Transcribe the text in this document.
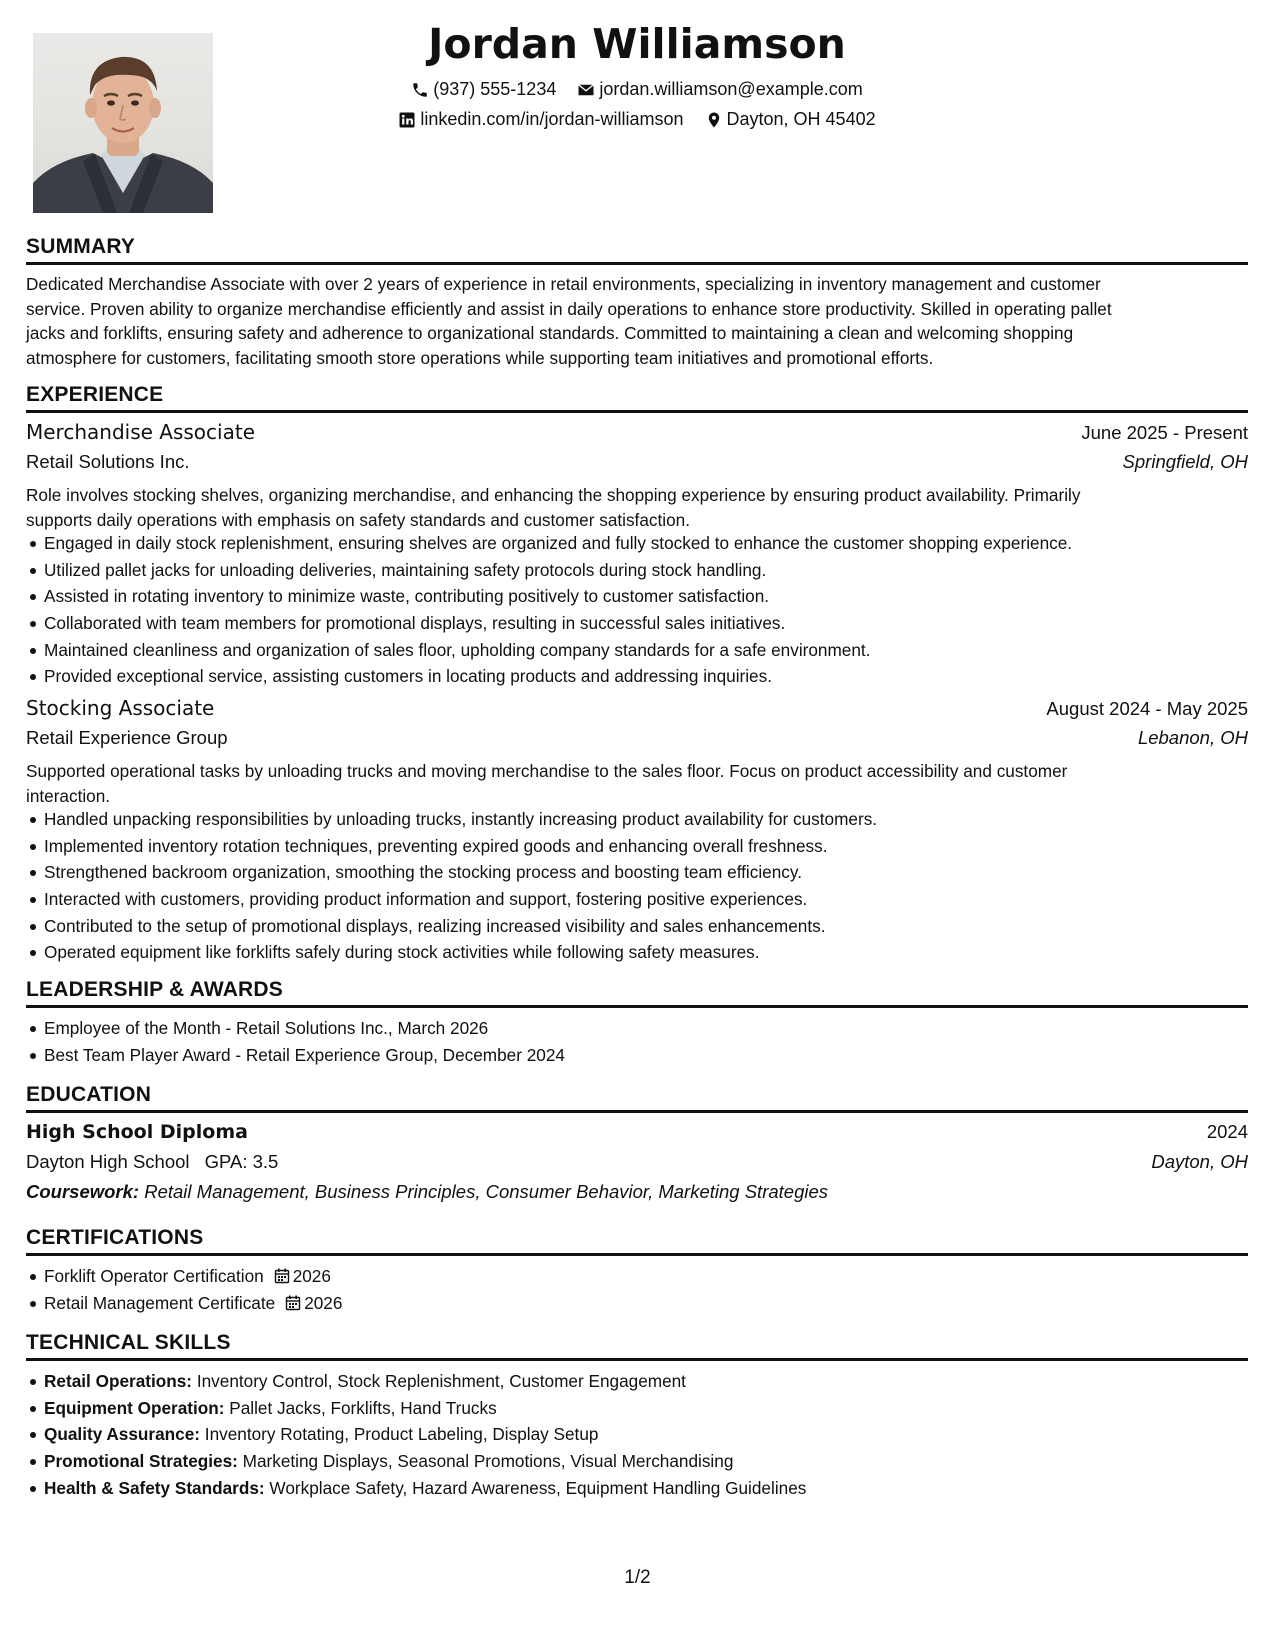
Jordan Williamson
(937) 555-1234
jordan.williamson@example.com
linkedin.com/in/jordan-williamson
Dayton, OH 45402
SUMMARY
Dedicated Merchandise Associate with over 2 years of experience in retail environments, specializing in inventory management and customer
service. Proven ability to organize merchandise efficiently and assist in daily operations to enhance store productivity. Skilled in operating pallet
jacks and forklifts, ensuring safety and adherence to organizational standards. Committed to maintaining a clean and welcoming shopping
atmosphere for customers, facilitating smooth store operations while supporting team initiatives and promotional efforts.
EXPERIENCE
Merchandise Associate	June 2025 - Present
Retail Solutions Inc.	Springfield, OH
Role involves stocking shelves, organizing merchandise, and enhancing the shopping experience by ensuring product availability. Primarily
supports daily operations with emphasis on safety standards and customer satisfaction.
Engaged in daily stock replenishment, ensuring shelves are organized and fully stocked to enhance the customer shopping experience.
Utilized pallet jacks for unloading deliveries, maintaining safety protocols during stock handling.
Assisted in rotating inventory to minimize waste, contributing positively to customer satisfaction.
Collaborated with team members for promotional displays, resulting in successful sales initiatives.
Maintained cleanliness and organization of sales floor, upholding company standards for a safe environment.
Provided exceptional service, assisting customers in locating products and addressing inquiries.
Stocking Associate	August 2024 - May 2025
Retail Experience Group	Lebanon, OH
Supported operational tasks by unloading trucks and moving merchandise to the sales floor. Focus on product accessibility and customer
interaction.
Handled unpacking responsibilities by unloading trucks, instantly increasing product availability for customers.
Implemented inventory rotation techniques, preventing expired goods and enhancing overall freshness.
Strengthened backroom organization, smoothing the stocking process and boosting team efficiency.
Interacted with customers, providing product information and support, fostering positive experiences.
Contributed to the setup of promotional displays, realizing increased visibility and sales enhancements.
Operated equipment like forklifts safely during stock activities while following safety measures.
LEADERSHIP & AWARDS
Employee of the Month - Retail Solutions Inc., March 2026
Best Team Player Award - Retail Experience Group, December 2024
EDUCATION
High School Diploma	2024
Dayton High School GPA: 3.5	Dayton, OH
Coursework: Retail Management, Business Principles, Consumer Behavior, Marketing Strategies
CERTIFICATIONS
Forklift Operator Certification 2026
Retail Management Certificate 2026
TECHNICAL SKILLS
Retail Operations: Inventory Control, Stock Replenishment, Customer Engagement
Equipment Operation: Pallet Jacks, Forklifts, Hand Trucks
Quality Assurance: Inventory Rotating, Product Labeling, Display Setup
Promotional Strategies: Marketing Displays, Seasonal Promotions, Visual Merchandising
Health & Safety Standards: Workplace Safety, Hazard Awareness, Equipment Handling Guidelines
1/2
